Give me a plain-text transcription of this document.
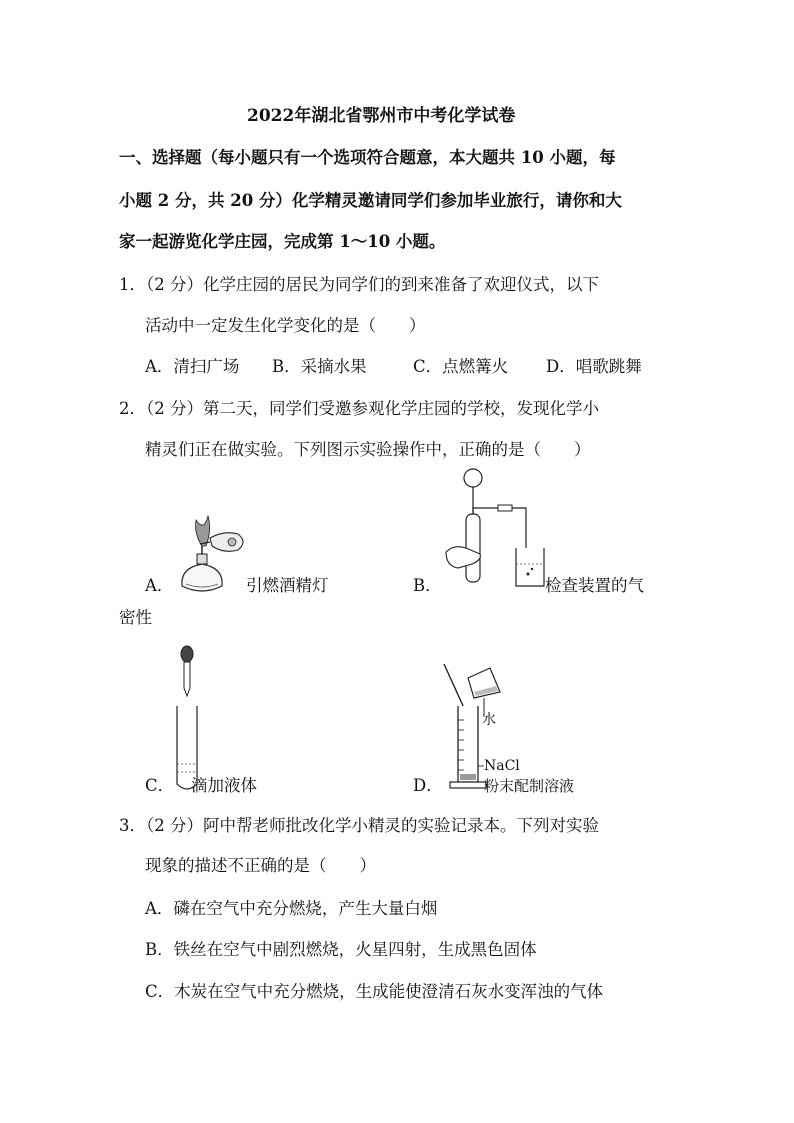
2022年湖北省鄂州市中考化学试卷
一、选择题（每小题只有一个选项符合题意，本大题共 10 小题，每
小题 2 分，共 20 分）化学精灵邀请同学们参加毕业旅行，请你和大
家一起游览化学庄园，完成第 1～10 小题。
1．（2 分）化学庄园的居民为同学们的到来准备了欢迎仪式，以下
活动中一定发生化学变化的是（　　）
A．清扫广场 B．采摘水果	C．点燃篝火 D．唱歌跳舞
2．（2 分）第二天，同学们受邀参观化学庄园的学校，发现化学小
精灵们正在做实验。下列图示实验操作中，正确的是（　　）
A．	引燃酒精灯	B．	检查装置的气
密性
C． 滴加液体	D．
水
NaCl
粉末配制溶液
3．（2 分）阿中帮老师批改化学小精灵的实验记录本。下列对实验
现象的描述不正确的是（　　）
A．磷在空气中充分燃烧，产生大量白烟
B．铁丝在空气中剧烈燃烧，火星四射，生成黑色固体
C．木炭在空气中充分燃烧，生成能使澄清石灰水变浑浊的气体
